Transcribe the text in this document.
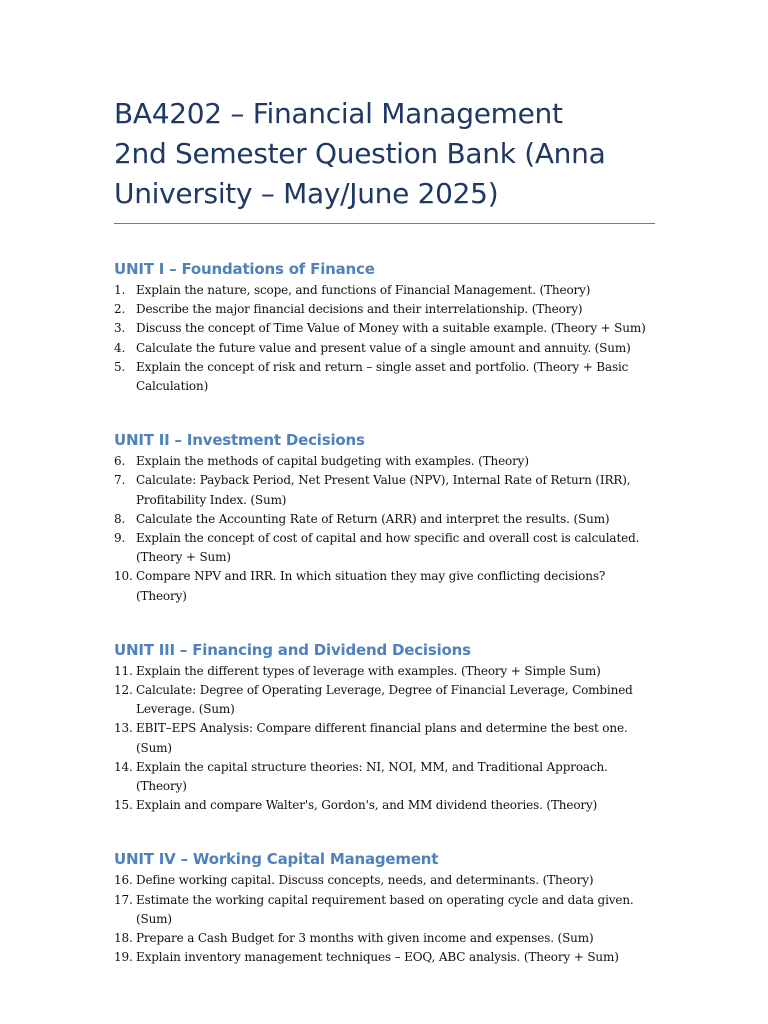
BA4202 – Financial Management
2nd Semester Question Bank (Anna
University – May/June 2025)
UNIT I – Foundations of Finance
1. Explain the nature, scope, and functions of Financial Management. (Theory)
2. Describe the major financial decisions and their interrelationship. (Theory)
3. Discuss the concept of Time Value of Money with a suitable example. (Theory + Sum)
4. Calculate the future value and present value of a single amount and annuity. (Sum)
5. Explain the concept of risk and return – single asset and portfolio. (Theory + Basic Calculation)
UNIT II – Investment Decisions
6. Explain the methods of capital budgeting with examples. (Theory)
7. Calculate: Payback Period, Net Present Value (NPV), Internal Rate of Return (IRR), Profitability Index. (Sum)
8. Calculate the Accounting Rate of Return (ARR) and interpret the results. (Sum)
9. Explain the concept of cost of capital and how specific and overall cost is calculated. (Theory + Sum)
10. Compare NPV and IRR. In which situation they may give conflicting decisions? (Theory)
UNIT III – Financing and Dividend Decisions
11. Explain the different types of leverage with examples. (Theory + Simple Sum)
12. Calculate: Degree of Operating Leverage, Degree of Financial Leverage, Combined Leverage. (Sum)
13. EBIT–EPS Analysis: Compare different financial plans and determine the best one. (Sum)
14. Explain the capital structure theories: NI, NOI, MM, and Traditional Approach. (Theory)
15. Explain and compare Walter's, Gordon's, and MM dividend theories. (Theory)
UNIT IV – Working Capital Management
16. Define working capital. Discuss concepts, needs, and determinants. (Theory)
17. Estimate the working capital requirement based on operating cycle and data given. (Sum)
18. Prepare a Cash Budget for 3 months with given income and expenses. (Sum)
19. Explain inventory management techniques – EOQ, ABC analysis. (Theory + Sum)
